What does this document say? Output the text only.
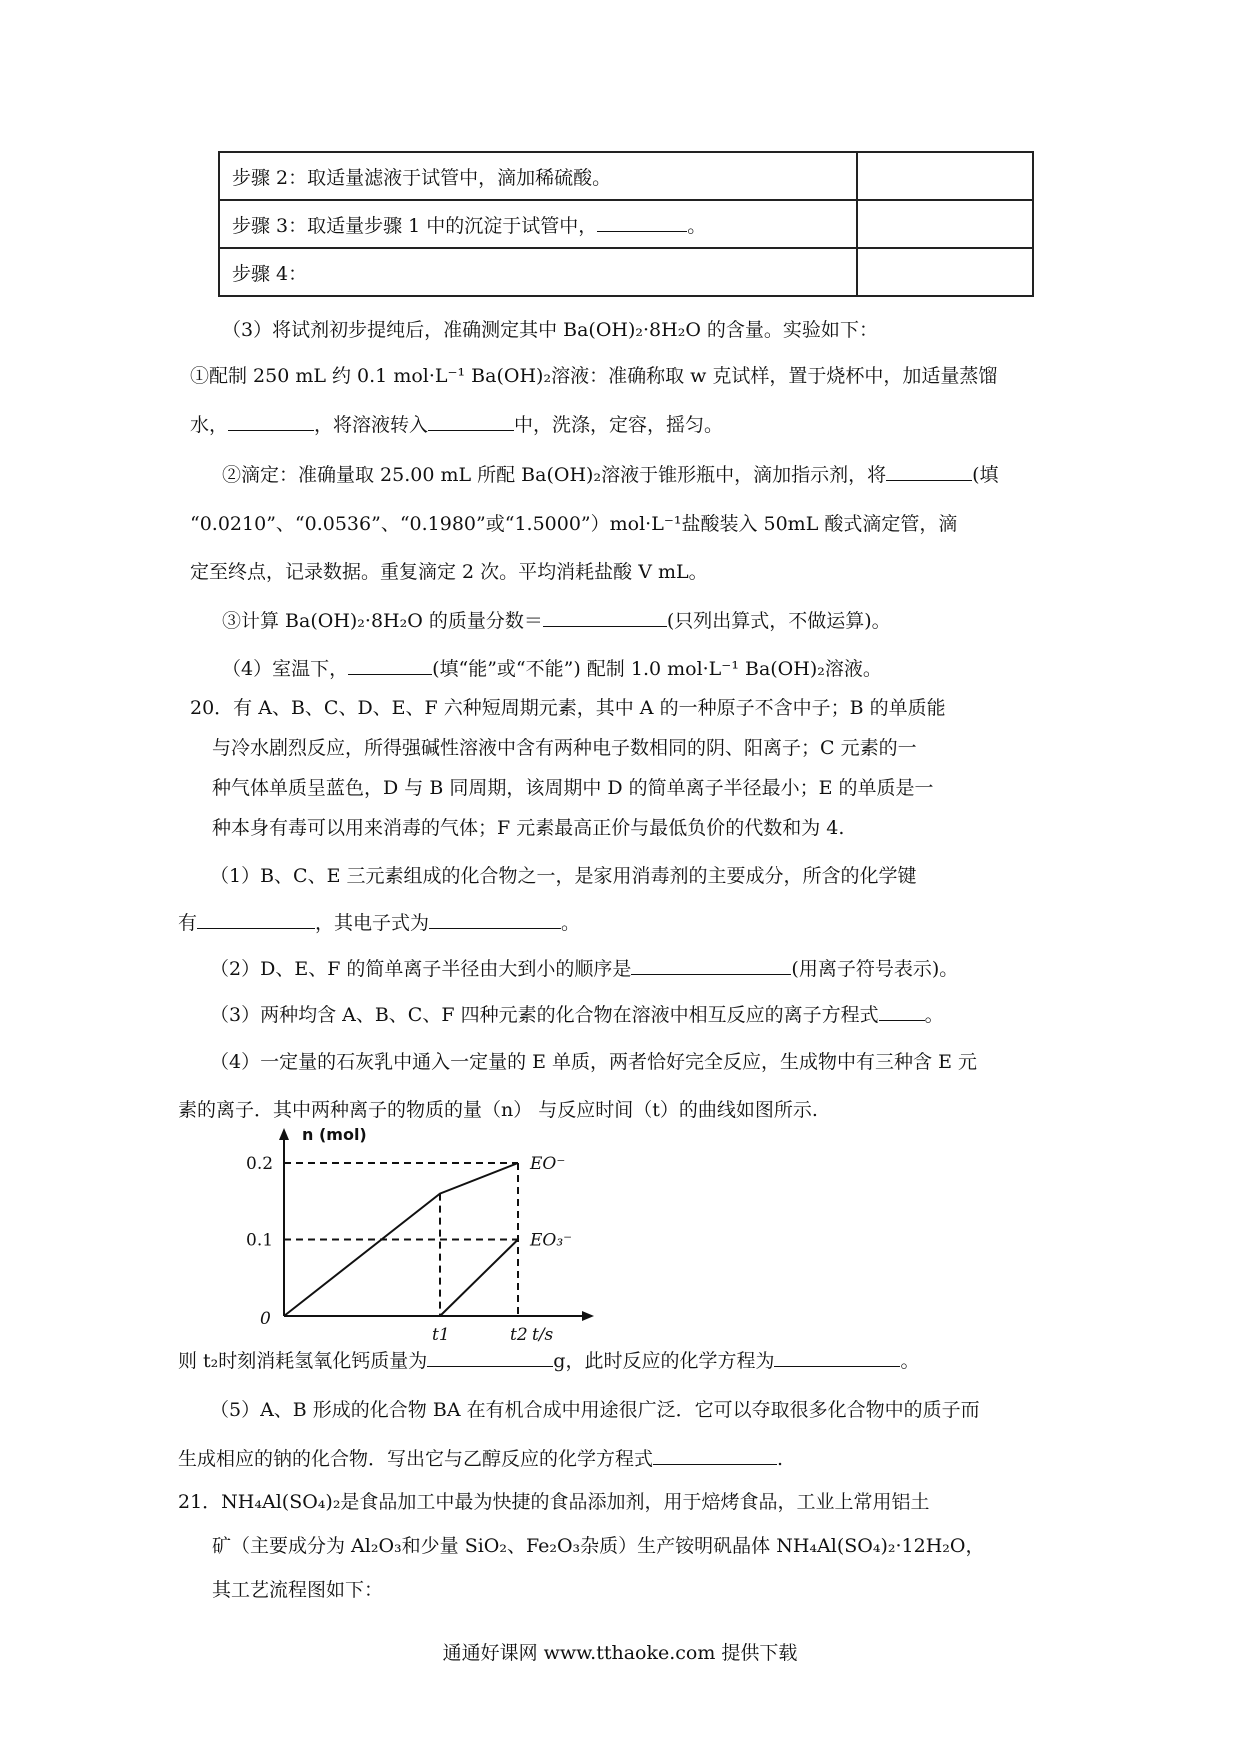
步骤 2：取适量滤液于试管中，滴加稀硫酸。	
步骤 3：取适量步骤 1 中的沉淀于试管中， 。	
步骤 4：	
（3）将试剂初步提纯后，准确测定其中 Ba(OH)₂·8H₂O 的含量。实验如下：
①配制 250 mL 约 0.1 mol·L⁻¹ Ba(OH)₂溶液：准确称取 w 克试样，置于烧杯中，加适量蒸馏
水，	，将溶液转入	中，洗涤，定容，摇匀。
②滴定：准确量取 25.00 mL 所配 Ba(OH)₂溶液于锥形瓶中，滴加指示剂，将	(填
“0.0210”、“0.0536”、“0.1980”或“1.5000”）mol·L⁻¹盐酸装入 50mL 酸式滴定管，滴
定至终点，记录数据。重复滴定 2 次。平均消耗盐酸 V mL。
③计算 Ba(OH)₂·8H₂O 的质量分数＝	(只列出算式，不做运算)。
（4）室温下，	(填“能”或“不能”) 配制 1.0 mol·L⁻¹ Ba(OH)₂溶液。
20．有 A、B、C、D、E、F 六种短周期元素，其中 A 的一种原子不含中子；B 的单质能
与冷水剧烈反应，所得强碱性溶液中含有两种电子数相同的阴、阳离子；C 元素的一
种气体单质呈蓝色，D 与 B 同周期，该周期中 D 的简单离子半径最小；E 的单质是一
种本身有毒可以用来消毒的气体；F 元素最高正价与最低负价的代数和为 4.
（1）B、C、E 三元素组成的化合物之一，是家用消毒剂的主要成分，所含的化学键
有	，其电子式为	。
（2）D、E、F 的简单离子半径由大到小的顺序是	(用离子符号表示)。
（3）两种均含 A、B、C、F 四种元素的化合物在溶液中相互反应的离子方程式 。
（4）一定量的石灰乳中通入一定量的 E 单质，两者恰好完全反应，生成物中有三种含 E 元
素的离子．其中两种离子的物质的量（n） 与反应时间（t）的曲线如图所示.
EO⁻
EO₃⁻
0.2
0.1
0
t1	t2
n (mol)
t/s
则 t₂时刻消耗氢氧化钙质量为	g，此时反应的化学方程为	。
（5）A、B 形成的化合物 BA 在有机合成中用途很广泛．它可以夺取很多化合物中的质子而
生成相应的钠的化合物．写出它与乙醇反应的化学方程式	.
21．NH₄Al(SO₄)₂是食品加工中最为快捷的食品添加剂，用于焙烤食品，工业上常用铝土
矿（主要成分为 Al₂O₃和少量 SiO₂、Fe₂O₃杂质）生产铵明矾晶体 NH₄Al(SO₄)₂·12H₂O，
其工艺流程图如下：
通通好课网 www.tthaoke.com 提供下载
